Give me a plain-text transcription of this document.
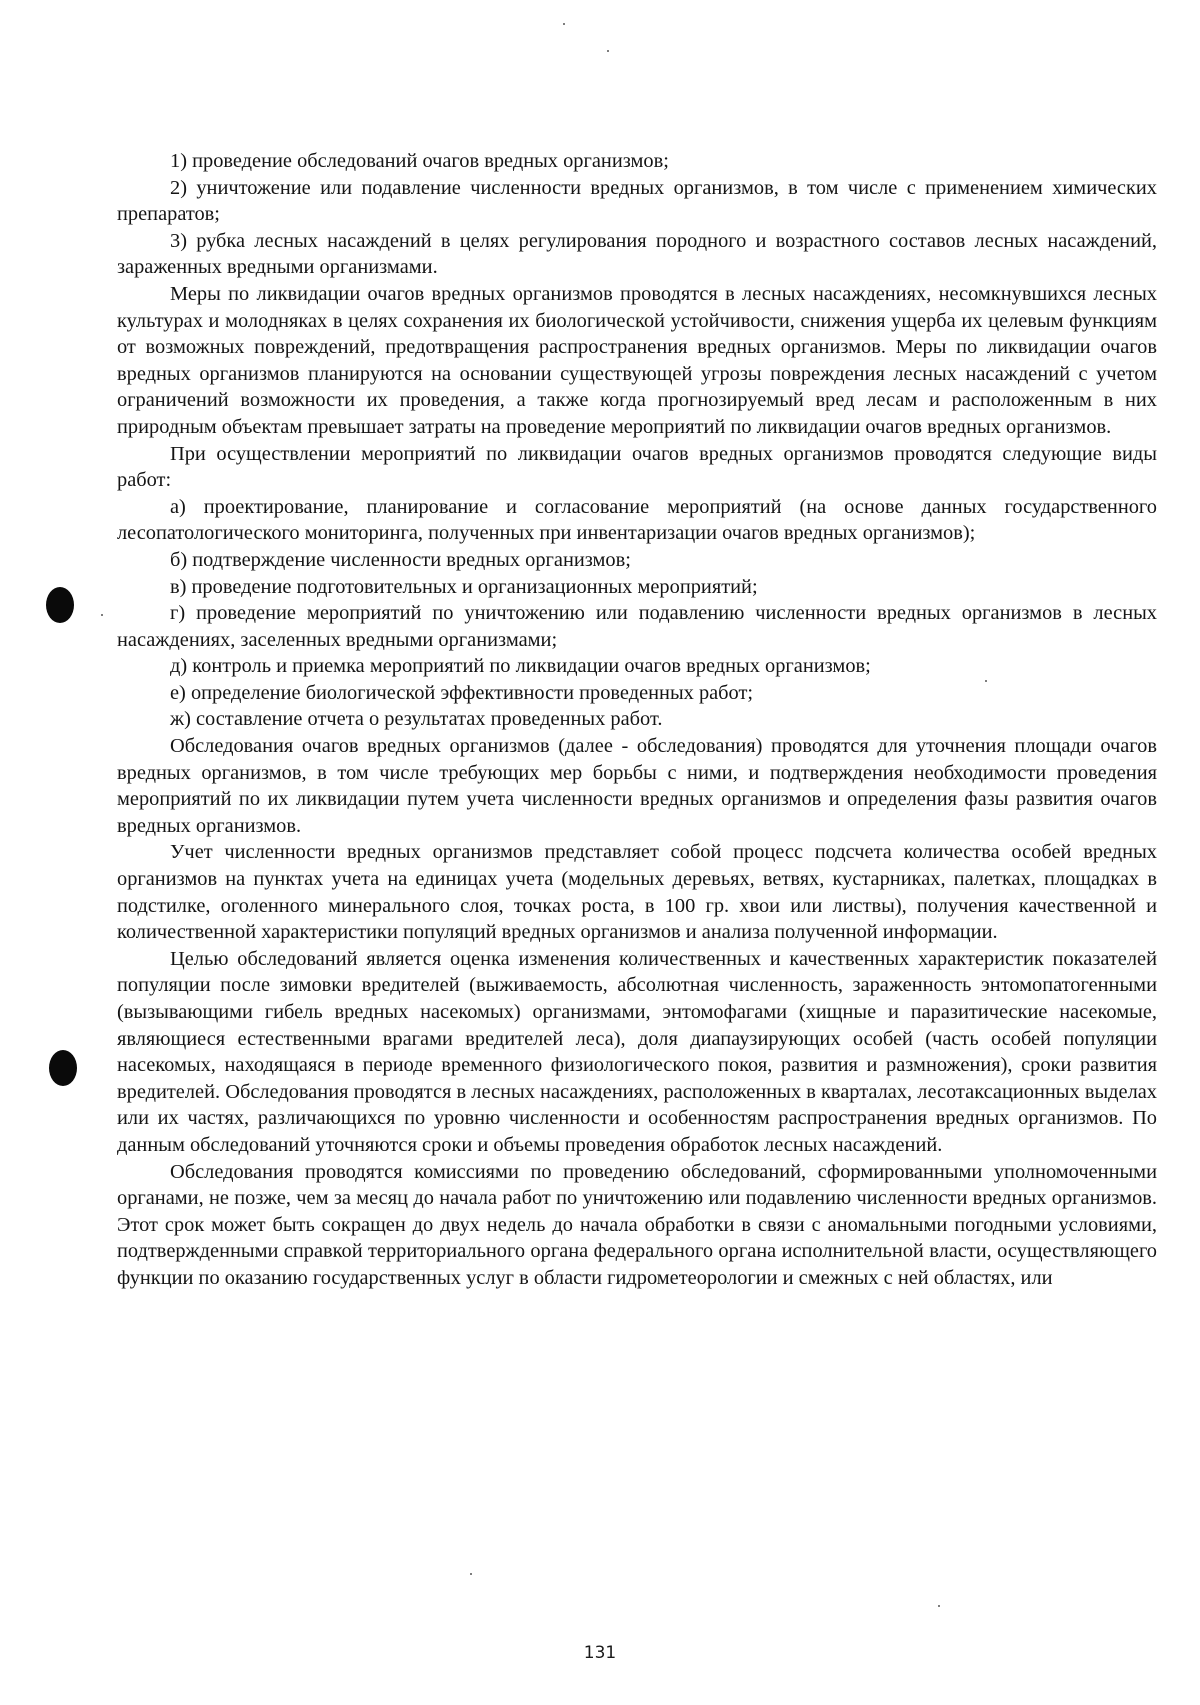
1) проведение обследований очагов вредных организмов;

2) уничтожение или подавление численности вредных организмов, в том числе с применением химических препаратов;

3) рубка лесных насаждений в целях регулирования породного и возрастного составов лесных насаждений, зараженных вредными организмами.

Меры по ликвидации очагов вредных организмов проводятся в лесных насаждениях, несомкнувшихся лесных культурах и молодняках в целях сохранения их биологической устойчивости, снижения ущерба их целевым функциям от возможных повреждений, предотвращения распространения вредных организмов. Меры по ликвидации очагов вредных организмов планируются на основании существующей угрозы повреждения лесных насаждений с учетом ограничений возможности их проведения, а также когда прогнозируемый вред лесам и расположенным в них природным объектам превышает затраты на проведение мероприятий по ликвидации очагов вредных организмов.

При осуществлении мероприятий по ликвидации очагов вредных организмов проводятся следующие виды работ:

а) проектирование, планирование и согласование мероприятий (на основе данных государственного лесопатологического мониторинга, полученных при инвентаризации очагов вредных организмов);

б) подтверждение численности вредных организмов;

в) проведение подготовительных и организационных мероприятий;

г) проведение мероприятий по уничтожению или подавлению численности вредных организмов в лесных насаждениях, заселенных вредными организмами;

д) контроль и приемка мероприятий по ликвидации очагов вредных организмов;

е) определение биологической эффективности проведенных работ;

ж) составление отчета о результатах проведенных работ.

Обследования очагов вредных организмов (далее - обследования) проводятся для уточнения площади очагов вредных организмов, в том числе требующих мер борьбы с ними, и подтверждения необходимости проведения мероприятий по их ликвидации путем учета численности вредных организмов и определения фазы развития очагов вредных организмов.

Учет численности вредных организмов представляет собой процесс подсчета количества особей вредных организмов на пунктах учета на единицах учета (модельных деревьях, ветвях, кустарниках, палетках, площадках в подстилке, оголенного минерального слоя, точках роста, в 100 гр. хвои или листвы), получения качественной и количественной характеристики популяций вредных организмов и анализа полученной информации.

Целью обследований является оценка изменения количественных и качественных характеристик показателей популяции после зимовки вредителей (выживаемость, абсолютная численность, зараженность энтомопатогенными (вызывающими гибель вредных насекомых) организмами, энтомофагами (хищные и паразитические насекомые, являющиеся естественными врагами вредителей леса), доля диапаузирующих особей (часть особей популяции насекомых, находящаяся в периоде временного физиологического покоя, развития и размножения), сроки развития вредителей. Обследования проводятся в лесных насаждениях, расположенных в кварталах, лесотаксационных выделах или их частях, различающихся по уровню численности и особенностям распространения вредных организмов. По данным обследований уточняются сроки и объемы проведения обработок лесных насаждений.

Обследования проводятся комиссиями по проведению обследований, сформированными уполномоченными органами, не позже, чем за месяц до начала работ по уничтожению или подавлению численности вредных организмов. Этот срок может быть сокращен до двух недель до начала обработки в связи с аномальными погодными условиями, подтвержденными справкой территориального органа федерального органа исполнительной власти, осуществляющего функции по оказанию государственных услуг в области гидрометеорологии и смежных с ней областях, или

131
